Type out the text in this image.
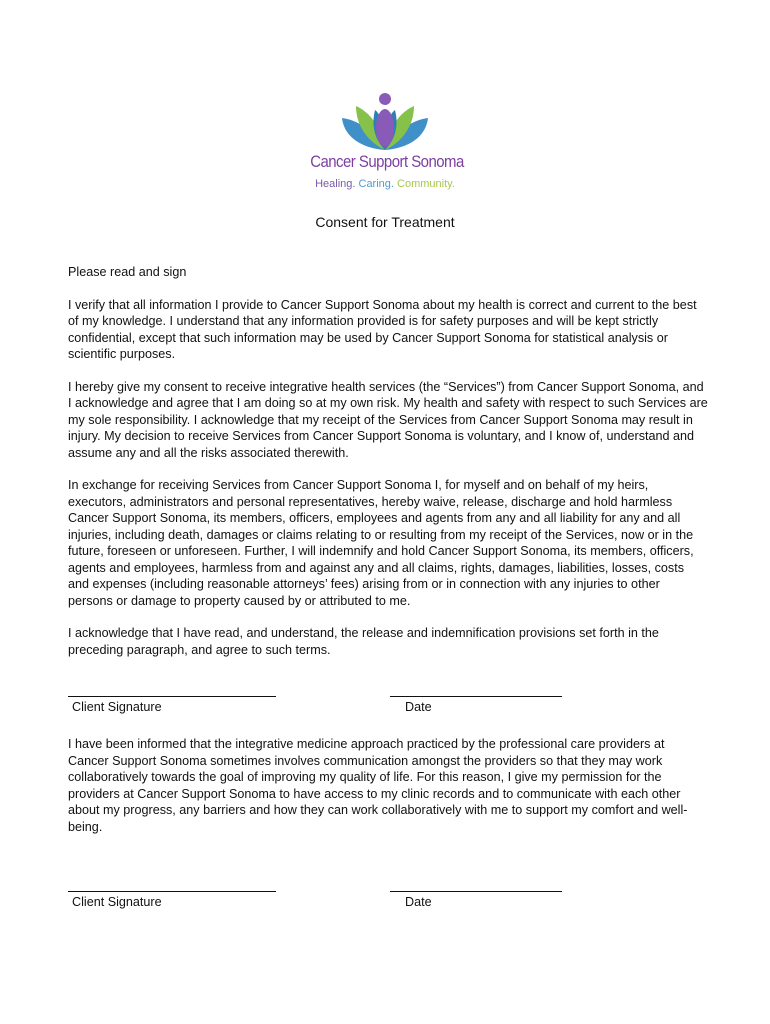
Cancer Support Sonoma
Healing. Caring. Community.
Consent for Treatment

Please read and sign

I verify that all information I provide to Cancer Support Sonoma about my health is correct and current to the best of my knowledge. I understand that any information provided is for safety purposes and will be kept strictly confidential, except that such information may be used by Cancer Support Sonoma for statistical analysis or scientific purposes.

I hereby give my consent to receive integrative health services (the “Services”) from Cancer Support Sonoma, and I acknowledge and agree that I am doing so at my own risk. My health and safety with respect to such Services are my sole responsibility. I acknowledge that my receipt of the Services from Cancer Support Sonoma may result in injury. My decision to receive Services from Cancer Support Sonoma is voluntary, and I know of, understand and assume any and all the risks associated therewith.

In exchange for receiving Services from Cancer Support Sonoma I, for myself and on behalf of my heirs, executors, administrators and personal representatives, hereby waive, release, discharge and hold harmless Cancer Support Sonoma, its members, officers, employees and agents from any and all liability for any and all injuries, including death, damages or claims relating to or resulting from my receipt of the Services, now or in the future, foreseen or unforeseen. Further, I will indemnify and hold Cancer Support Sonoma, its members, officers, agents and employees, harmless from and against any and all claims, rights, damages, liabilities, losses, costs and expenses (including reasonable attorneys’ fees) arising from or in connection with any injuries to other persons or damage to property caused by or attributed to me.

I acknowledge that I have read, and understand, the release and indemnification provisions set forth in the preceding paragraph, and agree to such terms.

Client Signature	Date

I have been informed that the integrative medicine approach practiced by the professional care providers at Cancer Support Sonoma sometimes involves communication amongst the providers so that they may work collaboratively towards the goal of improving my quality of life. For this reason, I give my permission for the providers at Cancer Support Sonoma to have access to my clinic records and to communicate with each other about my progress, any barriers and how they can work collaboratively with me to support my comfort and well-being.

Client Signature	Date
